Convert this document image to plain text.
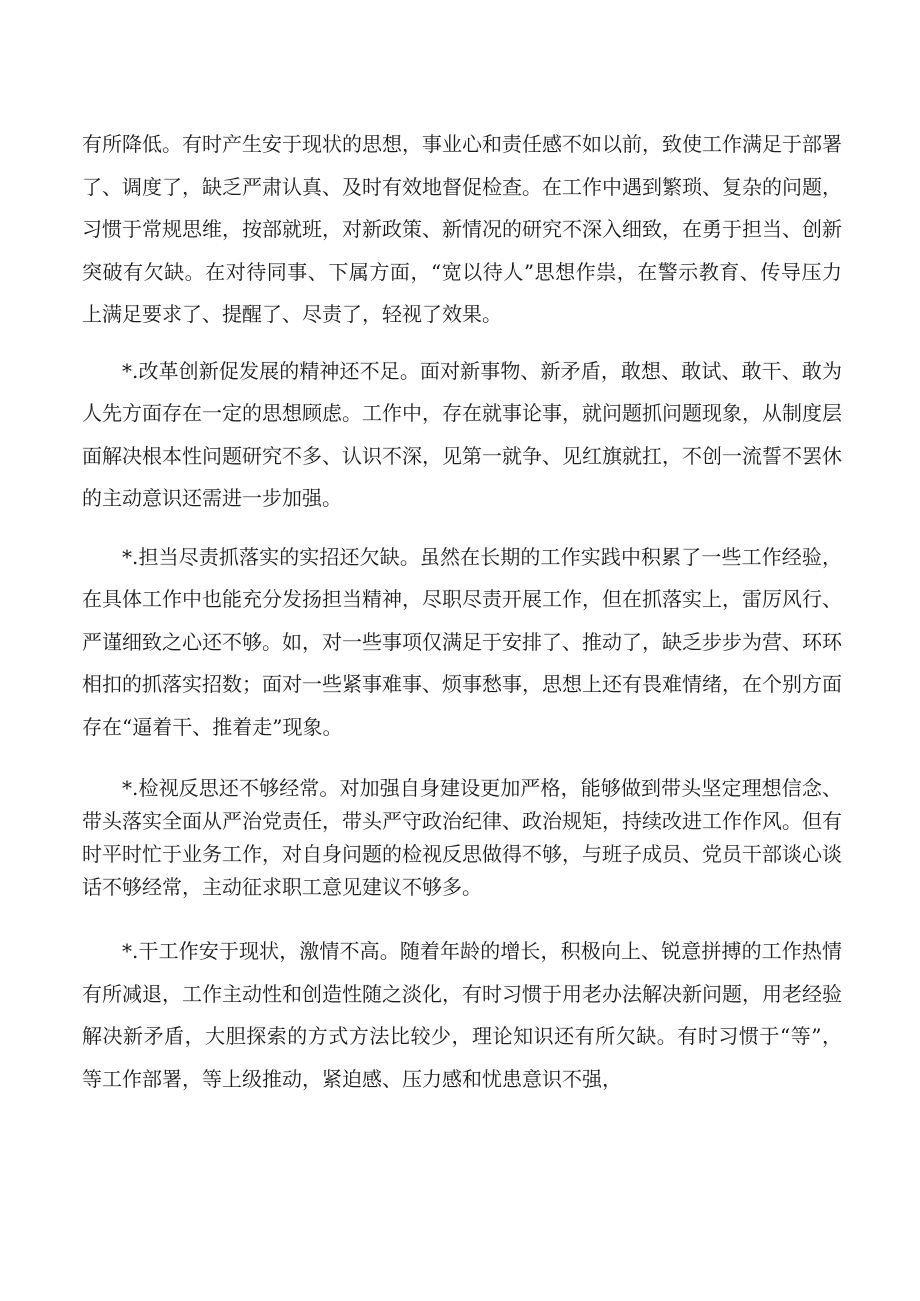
有所降低。有时产生安于现状的思想，事业心和责任感不如以前，致使工作满足于部署了、调度了，缺乏严肃认真、及时有效地督促检查。在工作中遇到繁琐、复杂的问题，习惯于常规思维，按部就班，对新政策、新情况的研究不深入细致，在勇于担当、创新突破有欠缺。在对待同事、下属方面，“宽以待人”思想作祟，在警示教育、传导压力上满足要求了、提醒了、尽责了，轻视了效果。

*.改革创新促发展的精神还不足。面对新事物、新矛盾，敢想、敢试、敢干、敢为人先方面存在一定的思想顾虑。工作中，存在就事论事，就问题抓问题现象，从制度层面解决根本性问题研究不多、认识不深，见第一就争、见红旗就扛，不创一流誓不罢休的主动意识还需进一步加强。

*.担当尽责抓落实的实招还欠缺。虽然在长期的工作实践中积累了一些工作经验，在具体工作中也能充分发扬担当精神，尽职尽责开展工作，但在抓落实上，雷厉风行、严谨细致之心还不够。如，对一些事项仅满足于安排了、推动了，缺乏步步为营、环环相扣的抓落实招数；面对一些紧事难事、烦事愁事，思想上还有畏难情绪，在个别方面存在“逼着干、推着走”现象。

*.检视反思还不够经常。对加强自身建设更加严格，能够做到带头坚定理想信念、带头落实全面从严治党责任，带头严守政治纪律、政治规矩，持续改进工作作风。但有时平时忙于业务工作，对自身问题的检视反思做得不够，与班子成员、党员干部谈心谈话不够经常，主动征求职工意见建议不够多。

*.干工作安于现状，激情不高。随着年龄的增长，积极向上、锐意拼搏的工作热情有所减退，工作主动性和创造性随之淡化，有时习惯于用老办法解决新问题，用老经验解决新矛盾，大胆探索的方式方法比较少，理论知识还有所欠缺。有时习惯于“等”，等工作部署，等上级推动，紧迫感、压力感和忧患意识不强，
